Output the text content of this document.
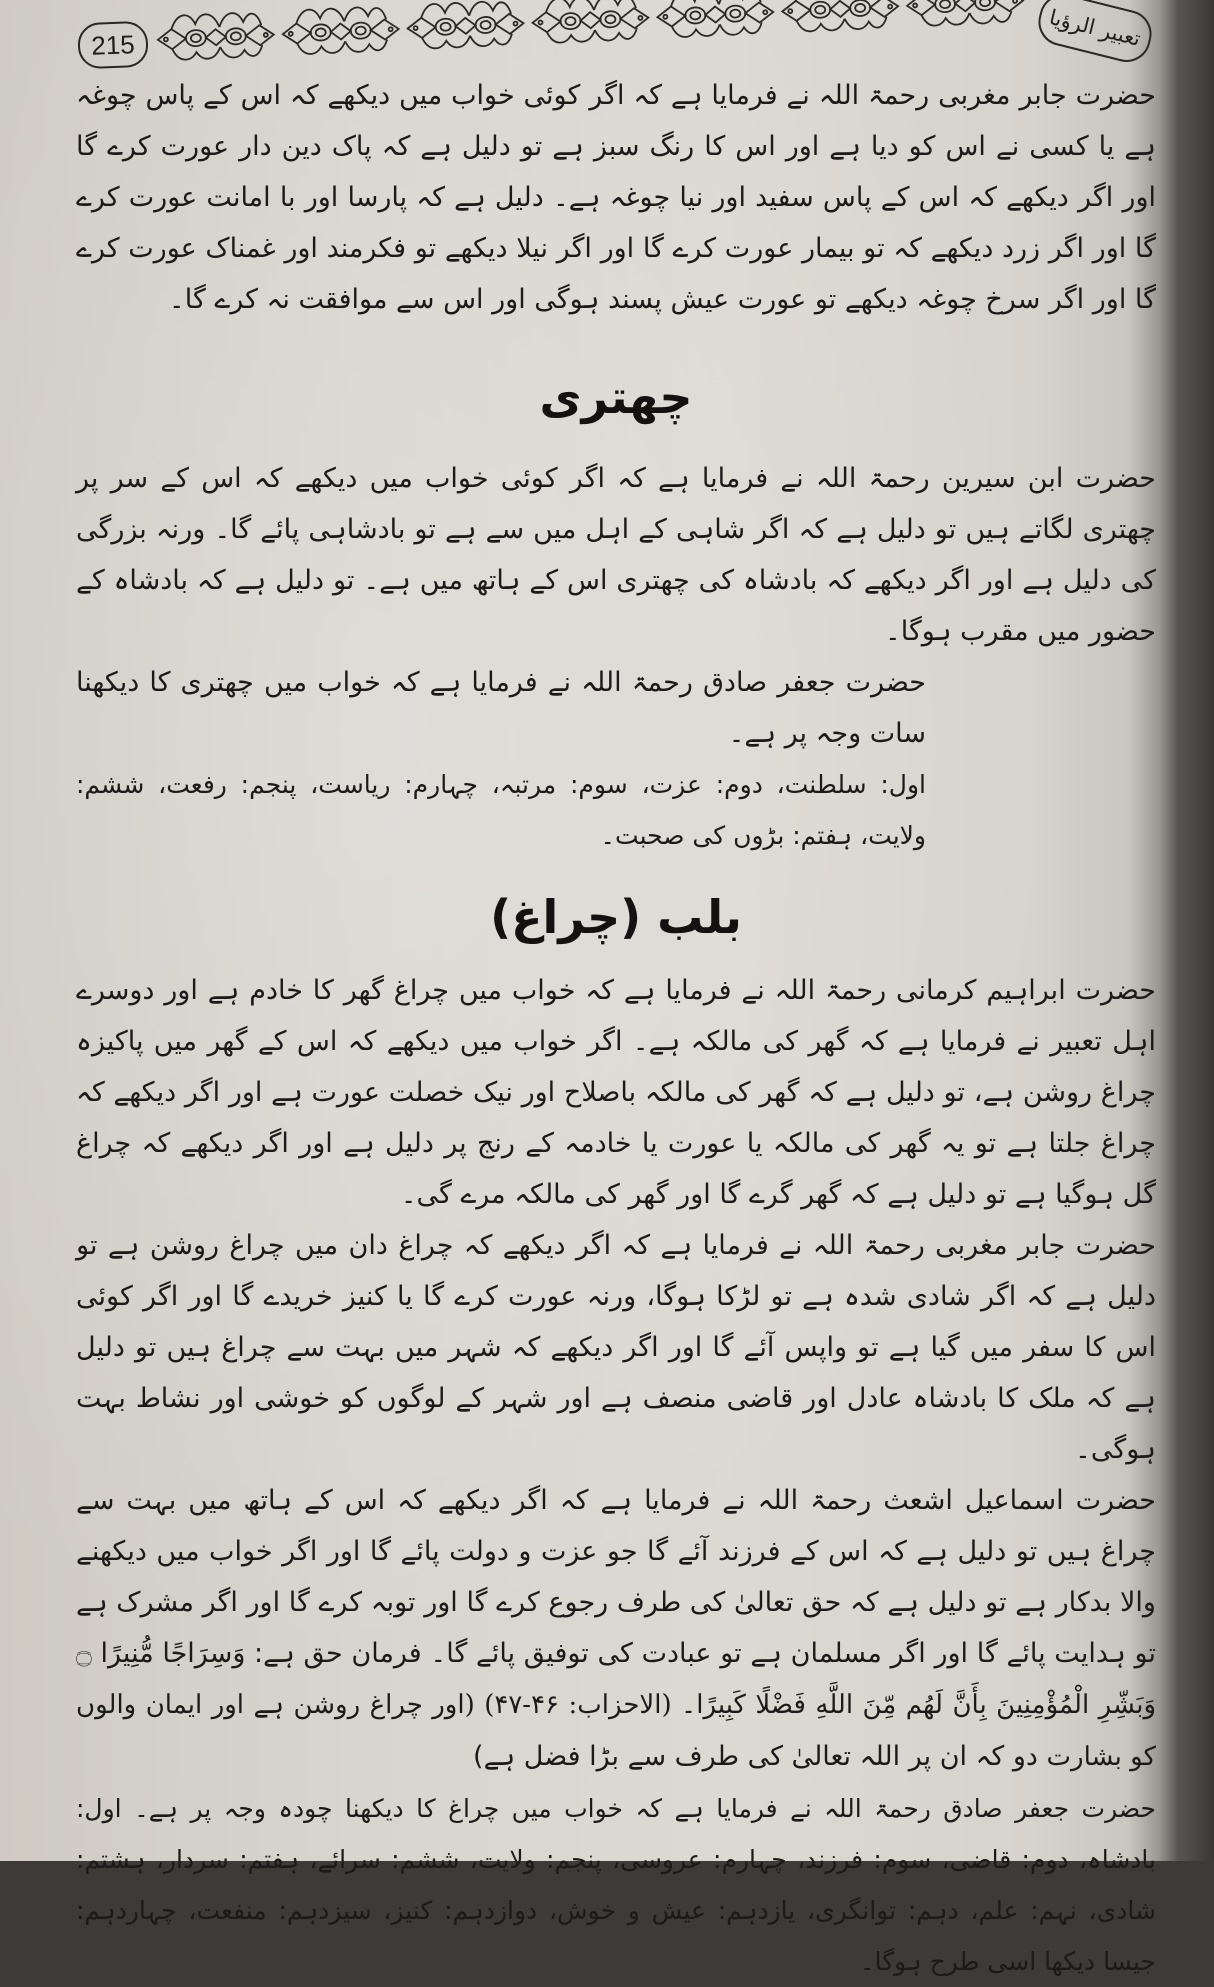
215	تعبیر الرؤیا

حضرت جابر مغربی رحمۃ اللہ نے فرمایا ہے کہ اگر کوئی خواب میں دیکھے کہ اس کے پاس چوغہ ہے یا کسی نے اس کو دیا ہے اور اس کا رنگ سبز ہے تو دلیل ہے کہ پاک دین دار عورت کرے گا اور اگر دیکھے کہ اس کے پاس سفید اور نیا چوغہ ہے۔ دلیل ہے کہ پارسا اور با امانت عورت کرے گا اور اگر زرد دیکھے کہ تو بیمار عورت کرے گا اور اگر نیلا دیکھے تو فکرمند اور غمناک عورت کرے گا اور اگر سرخ چوغہ دیکھے تو عورت عیش پسند ہوگی اور اس سے موافقت نہ کرے گا۔

چھتری

حضرت ابن سیرین رحمۃ اللہ نے فرمایا ہے کہ اگر کوئی خواب میں دیکھے کہ اس کے سر پر چھتری لگاتے ہیں تو دلیل ہے کہ اگر شاہی کے اہل میں سے ہے تو بادشاہی پائے گا۔ ورنہ بزرگی کی دلیل ہے اور اگر دیکھے کہ بادشاہ کی چھتری اس کے ہاتھ میں ہے۔ تو دلیل ہے کہ بادشاہ کے حضور میں مقرب ہوگا۔

حضرت جعفر صادق رحمۃ اللہ نے فرمایا ہے کہ خواب میں چھتری کا دیکھنا سات وجہ پر ہے۔
اول: سلطنت، دوم: عزت، سوم: مرتبہ، چہارم: ریاست، پنجم: رفعت، ششم: ولایت، ہفتم: بڑوں کی صحبت۔

بلب (چراغ)

حضرت ابراہیم کرمانی رحمۃ اللہ نے فرمایا ہے کہ خواب میں چراغ گھر کا خادم ہے اور دوسرے اہل تعبیر نے فرمایا ہے کہ گھر کی مالکہ ہے۔ اگر خواب میں دیکھے کہ اس کے گھر میں پاکیزہ چراغ روشن ہے، تو دلیل ہے کہ گھر کی مالکہ باصلاح اور نیک خصلت عورت ہے اور اگر دیکھے کہ چراغ جلتا ہے تو یہ گھر کی مالکہ یا عورت یا خادمہ کے رنج پر دلیل ہے اور اگر دیکھے کہ چراغ گل ہوگیا ہے تو دلیل ہے کہ گھر گرے گا اور گھر کی مالکہ مرے گی۔

حضرت جابر مغربی رحمۃ اللہ نے فرمایا ہے کہ اگر دیکھے کہ چراغ دان میں چراغ روشن ہے تو دلیل ہے کہ اگر شادی شدہ ہے تو لڑکا ہوگا، ورنہ عورت کرے گا یا کنیز خریدے گا اور اگر کوئی اس کا سفر میں گیا ہے تو واپس آئے گا اور اگر دیکھے کہ شہر میں بہت سے چراغ ہیں تو دلیل ہے کہ ملک کا بادشاہ عادل اور قاضی منصف ہے اور شہر کے لوگوں کو خوشی اور نشاط بہت ہوگی۔

حضرت اسماعیل اشعث رحمۃ اللہ نے فرمایا ہے کہ اگر دیکھے کہ اس کے ہاتھ میں بہت سے چراغ ہیں تو دلیل ہے کہ اس کے فرزند آئے گا جو عزت و دولت پائے گا اور اگر خواب میں دیکھنے والا بدکار ہے تو دلیل ہے کہ حق تعالیٰ کی طرف رجوع کرے گا اور توبہ کرے گا اور اگر مشرک ہے تو ہدایت پائے گا اور اگر مسلمان ہے تو عبادت کی توفیق پائے گا۔ فرمان حق ہے: وَسِرَاجًا مُّنِيرًا ۝ وَبَشِّرِ الْمُؤْمِنِينَ بِأَنَّ لَهُم مِّنَ اللَّهِ فَضْلًا كَبِيرًا۔ (الاحزاب: ۴۶-۴۷) (اور چراغ روشن ہے اور ایمان والوں کو بشارت دو کہ ان پر اللہ تعالیٰ کی طرف سے بڑا فضل ہے)

حضرت جعفر صادق رحمۃ اللہ نے فرمایا ہے کہ خواب میں چراغ کا دیکھنا چودہ وجہ پر ہے۔ اول: بادشاہ، دوم: قاضی، سوم: فرزند، چہارم: عروسی، پنجم: ولایت، ششم: سرائے، ہفتم: سردار، ہشتم: شادی، نہم: علم، دہم: توانگری، یازدہم: عیش و خوش، دوازدہم: کنیز، سیزدہم: منفعت، چہاردہم: جیسا دیکھا اسی طرح ہوگا۔
